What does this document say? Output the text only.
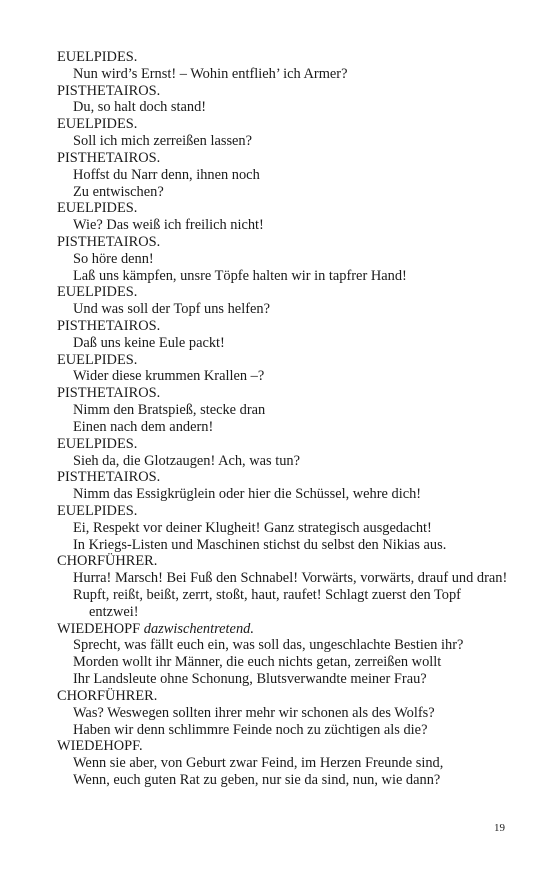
EUELPIDES.
Nun wird’s Ernst! – Wohin entflieh’ ich Armer?
PISTHETAIROS.
Du, so halt doch stand!
EUELPIDES.
Soll ich mich zerreißen lassen?
PISTHETAIROS.
Hoffst du Narr denn, ihnen noch
Zu entwischen?
EUELPIDES.
Wie? Das weiß ich freilich nicht!
PISTHETAIROS.
So höre denn!
Laß uns kämpfen, unsre Töpfe halten wir in tapfrer Hand!
EUELPIDES.
Und was soll der Topf uns helfen?
PISTHETAIROS.
Daß uns keine Eule packt!
EUELPIDES.
Wider diese krummen Krallen –?
PISTHETAIROS.
Nimm den Bratspieß, stecke dran
Einen nach dem andern!
EUELPIDES.
Sieh da, die Glotzaugen! Ach, was tun?
PISTHETAIROS.
Nimm das Essigkrüglein oder hier die Schüssel, wehre dich!
EUELPIDES.
Ei, Respekt vor deiner Klugheit! Ganz strategisch ausgedacht!
In Kriegs-Listen und Maschinen stichst du selbst den Nikias aus.
CHORFÜHRER.
Hurra! Marsch! Bei Fuß den Schnabel! Vorwärts, vorwärts, drauf und dran!
Rupft, reißt, beißt, zerrt, stoßt, haut, raufet! Schlagt zuerst den Topf entzwei!
WIEDEHOPF dazwischentretend.
Sprecht, was fällt euch ein, was soll das, ungeschlachte Bestien ihr?
Morden wollt ihr Männer, die euch nichts getan, zerreißen wollt
Ihr Landsleute ohne Schonung, Blutsverwandte meiner Frau?
CHORFÜHRER.
Was? Weswegen sollten ihrer mehr wir schonen als des Wolfs?
Haben wir denn schlimmre Feinde noch zu züchtigen als die?
WIEDEHOPF.
Wenn sie aber, von Geburt zwar Feind, im Herzen Freunde sind,
Wenn, euch guten Rat zu geben, nur sie da sind, nun, wie dann?
19
